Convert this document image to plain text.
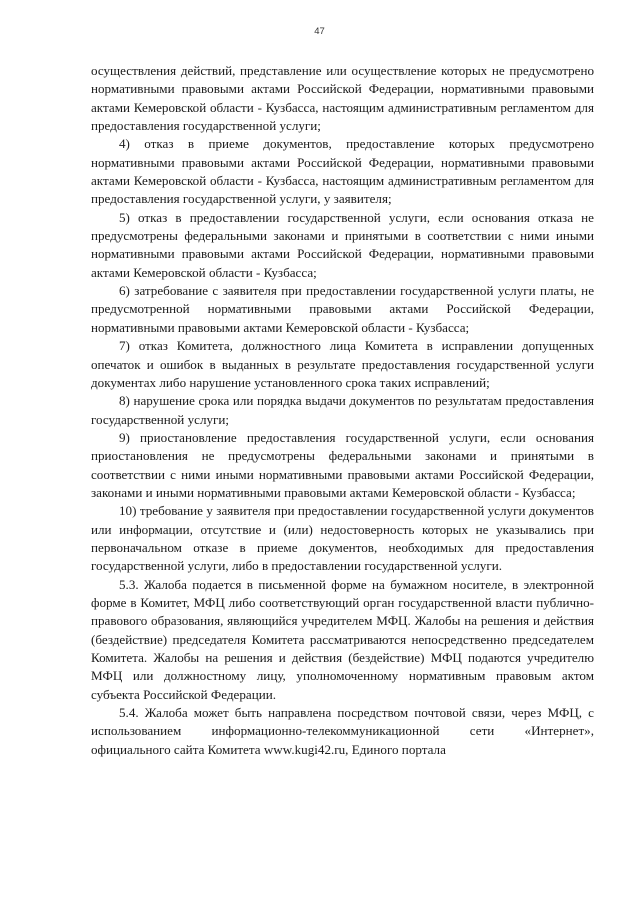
47

осуществления действий, представление или осуществление которых не предусмотрено нормативными правовыми актами Российской Федерации, нормативными правовыми актами Кемеровской области - Кузбасса, настоящим административным регламентом для предоставления государственной услуги;

4) отказ в приеме документов, предоставление которых предусмотрено нормативными правовыми актами Российской Федерации, нормативными правовыми актами Кемеровской области - Кузбасса, настоящим административным регламентом для предоставления государственной услуги, у заявителя;

5) отказ в предоставлении государственной услуги, если основания отказа не предусмотрены федеральными законами и принятыми в соответствии с ними иными нормативными правовыми актами Российской Федерации, нормативными правовыми актами Кемеровской области - Кузбасса;

6) затребование с заявителя при предоставлении государственной услуги платы, не предусмотренной нормативными правовыми актами Российской Федерации, нормативными правовыми актами Кемеровской области - Кузбасса;

7) отказ Комитета, должностного лица Комитета в исправлении допущенных опечаток и ошибок в выданных в результате предоставления государственной услуги документах либо нарушение установленного срока таких исправлений;

8) нарушение срока или порядка выдачи документов по результатам предоставления государственной услуги;

9) приостановление предоставления государственной услуги, если основания приостановления не предусмотрены федеральными законами и принятыми в соответствии с ними иными нормативными правовыми актами Российской Федерации, законами и иными нормативными правовыми актами Кемеровской области - Кузбасса;

10) требование у заявителя при предоставлении государственной услуги документов или информации, отсутствие и (или) недостоверность которых не указывались при первоначальном отказе в приеме документов, необходимых для предоставления государственной услуги, либо в предоставлении государственной услуги.

5.3. Жалоба подается в письменной форме на бумажном носителе, в электронной форме в Комитет, МФЦ либо соответствующий орган государственной власти публично-правового образования, являющийся учредителем МФЦ. Жалобы на решения и действия (бездействие) председателя Комитета рассматриваются непосредственно председателем Комитета. Жалобы на решения и действия (бездействие) МФЦ подаются учредителю МФЦ или должностному лицу, уполномоченному нормативным правовым актом субъекта Российской Федерации.

5.4. Жалоба может быть направлена посредством почтовой связи, через МФЦ, с использованием информационно-телекоммуникационной сети «Интернет», официального сайта Комитета www.kugi42.ru, Единого портала
